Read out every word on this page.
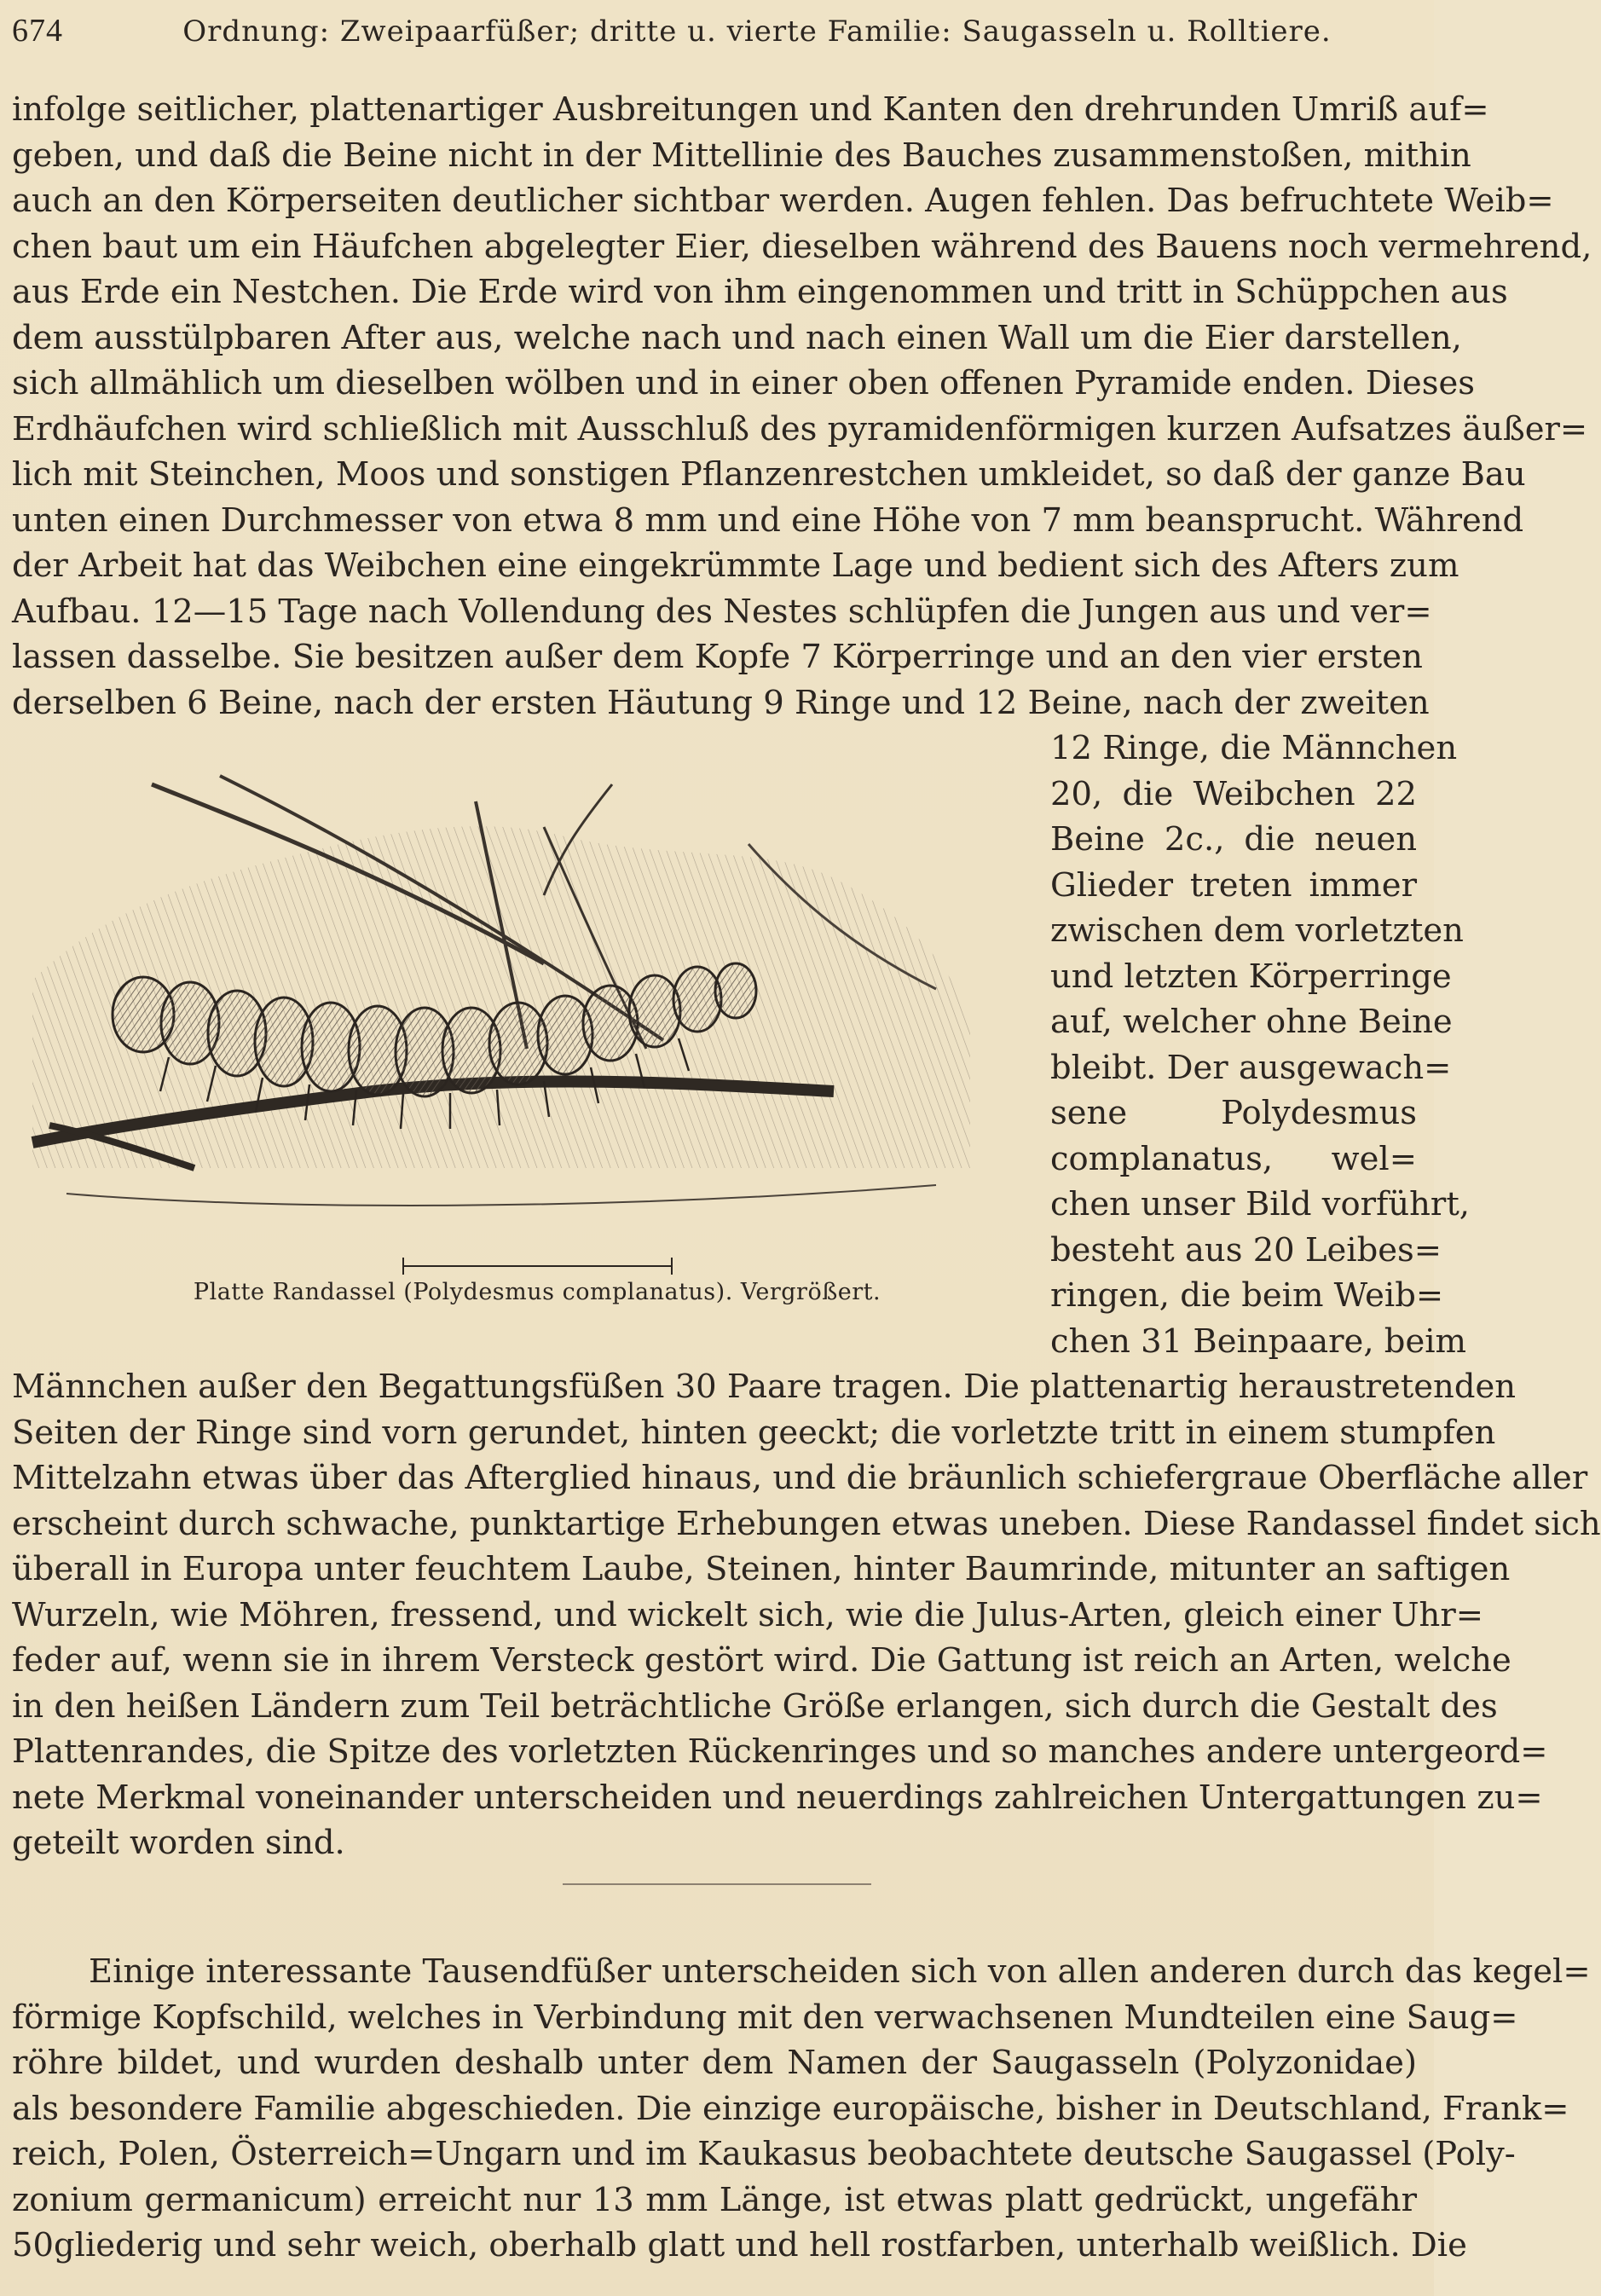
674	Ordnung: Zweipaarfüßer; dritte u. vierte Familie: Saugasseln u. Rolltiere.
infolge seitlicher, plattenartiger Ausbreitungen und Kanten den drehrunden Umriß auf=
geben, und daß die Beine nicht in der Mittellinie des Bauches zusammenstoßen, mithin
auch an den Körperseiten deutlicher sichtbar werden. Augen fehlen. Das befruchtete Weib=
chen baut um ein Häufchen abgelegter Eier, dieselben während des Bauens noch vermehrend,
aus Erde ein Nestchen. Die Erde wird von ihm eingenommen und tritt in Schüppchen aus
dem ausstülpbaren After aus, welche nach und nach einen Wall um die Eier darstellen,
sich allmählich um dieselben wölben und in einer oben offenen Pyramide enden. Dieses
Erdhäufchen wird schließlich mit Ausschluß des pyramidenförmigen kurzen Aufsatzes äußer=
lich mit Steinchen, Moos und sonstigen Pflanzenrestchen umkleidet, so daß der ganze Bau
unten einen Durchmesser von etwa 8 mm und eine Höhe von 7 mm beansprucht. Während
der Arbeit hat das Weibchen eine eingekrümmte Lage und bedient sich des Afters zum
Aufbau. 12—15 Tage nach Vollendung des Nestes schlüpfen die Jungen aus und ver=
lassen dasselbe. Sie besitzen außer dem Kopfe 7 Körperringe und an den vier ersten
derselben 6 Beine, nach der ersten Häutung 9 Ringe und 12 Beine, nach der zweiten
Platte Randassel (Polydesmus complanatus). Vergrößert.
12 Ringe, die Männchen
20, die Weibchen 22
Beine 2c., die neuen
Glieder treten immer
zwischen dem vorletzten
und letzten Körperringe
auf, welcher ohne Beine
bleibt. Der ausgewach=
sene Polydesmus
complanatus, wel=
chen unser Bild vorführt,
besteht aus 20 Leibes=
ringen, die beim Weib=
chen 31 Beinpaare, beim
Männchen außer den Begattungsfüßen 30 Paare tragen. Die plattenartig heraustretenden
Seiten der Ringe sind vorn gerundet, hinten geeckt; die vorletzte tritt in einem stumpfen
Mittelzahn etwas über das Afterglied hinaus, und die bräunlich schiefergraue Oberfläche aller
erscheint durch schwache, punktartige Erhebungen etwas uneben. Diese Randassel findet sich
überall in Europa unter feuchtem Laube, Steinen, hinter Baumrinde, mitunter an saftigen
Wurzeln, wie Möhren, fressend, und wickelt sich, wie die Julus-Arten, gleich einer Uhr=
feder auf, wenn sie in ihrem Versteck gestört wird. Die Gattung ist reich an Arten, welche
in den heißen Ländern zum Teil beträchtliche Größe erlangen, sich durch die Gestalt des
Plattenrandes, die Spitze des vorletzten Rückenringes und so manches andere untergeord=
nete Merkmal voneinander unterscheiden und neuerdings zahlreichen Untergattungen zu=
geteilt worden sind.
Einige interessante Tausendfüßer unterscheiden sich von allen anderen durch das kegel=
förmige Kopfschild, welches in Verbindung mit den verwachsenen Mundteilen eine Saug=
röhre bildet, und wurden deshalb unter dem Namen der Saugasseln (Polyzonidae)
als besondere Familie abgeschieden. Die einzige europäische, bisher in Deutschland, Frank=
reich, Polen, Österreich=Ungarn und im Kaukasus beobachtete deutsche Saugassel (Poly-
zonium germanicum) erreicht nur 13 mm Länge, ist etwas platt gedrückt, ungefähr
50gliederig und sehr weich, oberhalb glatt und hell rostfarben, unterhalb weißlich. Die
